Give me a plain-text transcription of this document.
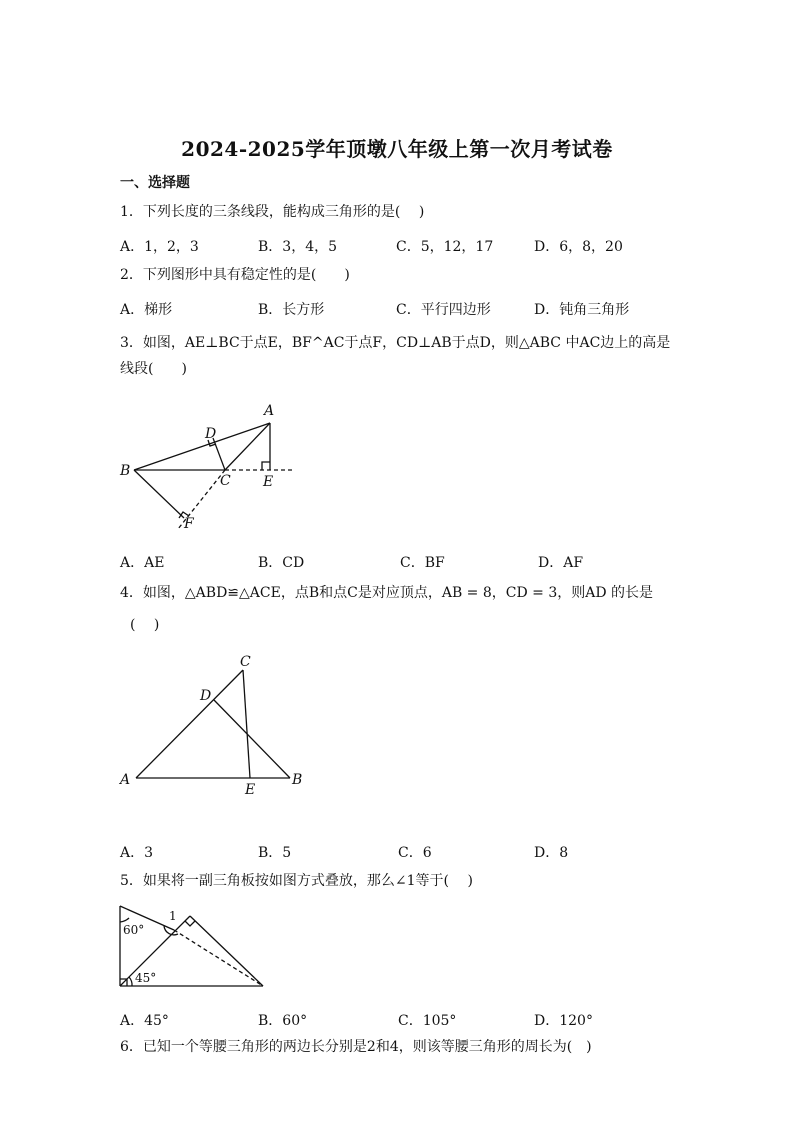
2024-2025学年顶墩八年级上第一次月考试卷
一、选择题
1．下列长度的三条线段，能构成三角形的是(　 )
A．1，2，3	B．3，4，5	C．5，12，17	D．6，8，20
2．下列图形中具有稳定性的是(　　)
A．梯形	B．长方形	C．平行四边形	D．钝角三角形
3．如图，AE⊥BC于点E，BF^AC于点F，CD⊥AB于点D，则△ABC 中AC边上的高是线段(　　)
A
D
B
C E
F
A．AE	B．CD	C．BF	D．AF
4．如图，△ABD≌△ACE，点B和点C是对应顶点，AB = 8，CD = 3，则AD 的长是
(　 )
C
D
A
E
B
A．3	B．5	C．6	D．8
5．如果将一副三角板按如图方式叠放，那么∠1等于(　 )
1
60°
45°
A．45°	B．60°	C．105°	D．120°
6．已知一个等腰三角形的两边长分别是2和4，则该等腰三角形的周长为(　)
